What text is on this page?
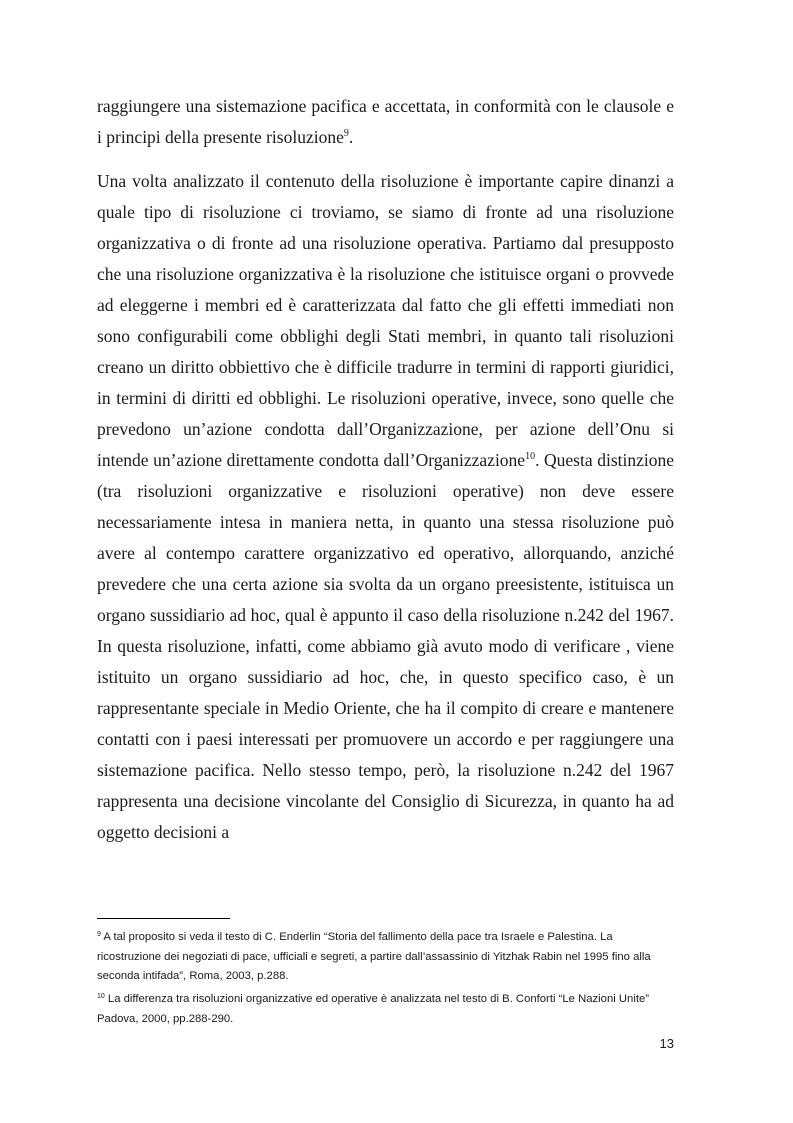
raggiungere una sistemazione pacifica e accettata, in conformità con le clausole e i principi della presente risoluzione$^9$.

Una volta analizzato il contenuto della risoluzione è importante capire dinanzi a quale tipo di risoluzione ci troviamo, se siamo di fronte ad una risoluzione organizzativa o di fronte ad una risoluzione operativa. Partiamo dal presupposto che una risoluzione organizzativa è la risoluzione che istituisce organi o provvede ad eleggerne i membri ed è caratterizzata dal fatto che gli effetti immediati non sono configurabili come obblighi degli Stati membri, in quanto tali risoluzioni creano un diritto obbiettivo che è difficile tradurre in termini di rapporti giuridici, in termini di diritti ed obblighi. Le risoluzioni operative, invece, sono quelle che prevedono un’azione condotta dall’Organizzazione, per azione dell’Onu si intende un’azione direttamente condotta dall’Organizzazione$^{10}$. Questa distinzione (tra risoluzioni organizzative e risoluzioni operative) non deve essere necessariamente intesa in maniera netta, in quanto una stessa risoluzione può avere al contempo carattere organizzativo ed operativo, allorquando, anziché prevedere che una certa azione sia svolta da un organo preesistente, istituisca un organo sussidiario ad hoc, qual è appunto il caso della risoluzione n.242 del 1967. In questa risoluzione, infatti, come abbiamo già avuto modo di verificare , viene istituito un organo sussidiario ad hoc, che, in questo specifico caso, è un rappresentante speciale in Medio Oriente, che ha il compito di creare e mantenere contatti con i paesi interessati per promuovere un accordo e per raggiungere una sistemazione pacifica. Nello stesso tempo, però, la risoluzione n.242 del 1967 rappresenta una decisione vincolante del Consiglio di Sicurezza, in quanto ha ad oggetto decisioni a

$^9$ A tal proposito si veda il testo di C. Enderlin “Storia del fallimento della pace tra Israele e Palestina. La ricostruzione dei negoziati di pace, ufficiali e segreti, a partire dall’assassinio di Yitzhak Rabin nel 1995 fino alla seconda intifada”, Roma, 2003, p.288.

$^{10}$ La differenza tra risoluzioni organizzative ed operative è analizzata nel testo di B. Conforti “Le Nazioni Unite” Padova, 2000, pp.288-290.

13
